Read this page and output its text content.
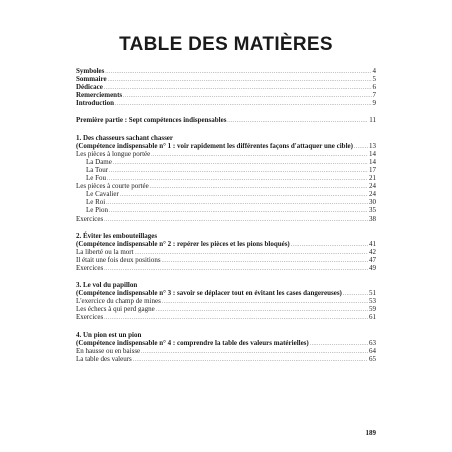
TABLE DES MATIÈRES
Symboles .....	4
Sommaire .....	5
Dédicace .....	6
Remerciements .....	7
Introduction .....	9
Première partie : Sept compétences indispensables .....	11
1. Des chasseurs sachant chasser
(Compétence indispensable n° 1 : voir rapidement les différentes façons d'attaquer une cible) ..... 13
Les pièces à longue portée .....	14
La Dame .....	14
La Tour .....	17
Le Fou .....	21
Les pièces à courte portée .....	24
Le Cavalier .....	24
Le Roi .....	30
Le Pion .....	35
Exercices .....	38
2. Éviter les embouteillages
(Compétence indispensable n° 2 : repérer les pièces et les pions bloqués) .....	41
La liberté ou la mort .....	42
Il était une fois deux positions .....	47
Exercices .....	49
3. Le vol du papillon
(Compétence indispensable n° 3 : savoir se déplacer tout en évitant les cases dangereuses) .....	51
L'exercice du champ de mines .....	53
Les échecs à qui perd gagne .....	59
Exercices .....	61
4. Un pion est un pion
(Compétence indispensable n° 4 : comprendre la table des valeurs matérielles) .....	63
En hausse ou en baisse .....	64
La table des valeurs .....	65
189
